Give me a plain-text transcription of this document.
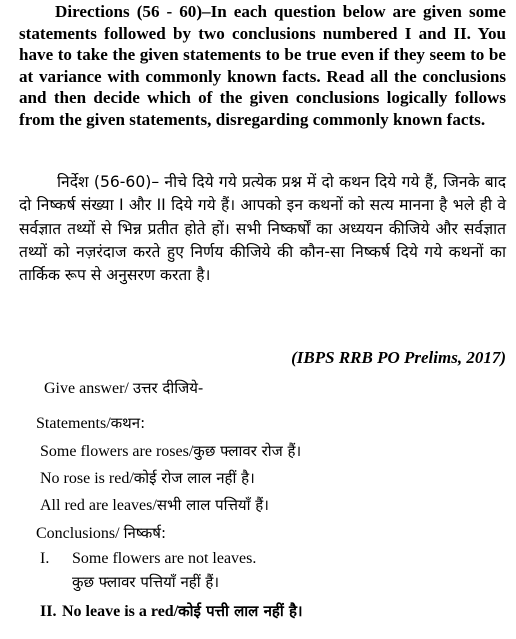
Directions (56 - 60)–In each question below are given some statements followed by two conclusions numbered I and II. You have to take the given statements to be true even if they seem to be at variance with commonly known facts. Read all the conclusions and then decide which of the given conclusions logically follows from the given statements, disregarding commonly known facts.

निर्देश (56-60)– नीचे दिये गये प्रत्येक प्रश्न में दो कथन दिये गये हैं, जिनके बाद दो निष्कर्ष संख्या I और II दिये गये हैं। आपको इन कथनों को सत्य मानना है भले ही वे सर्वज्ञात तथ्यों से भिन्न प्रतीत होते हों। सभी निष्कर्षों का अध्ययन कीजिये और सर्वज्ञात तथ्यों को नज़रंदाज करते हुए निर्णय कीजिये की कौन-सा निष्कर्ष दिये गये कथनों का तार्किक रूप से अनुसरण करता है।

(IBPS RRB PO Prelims, 2017)

Give answer/ उत्तर दीजिये-

Statements/कथन:

Some flowers are roses/कुछ फ्लावर रोज हैं।

No rose is red/कोई रोज लाल नहीं है।

All red are leaves/सभी लाल पत्तियाँ हैं।

Conclusions/ निष्कर्ष:

I. Some flowers are not leaves.

कुछ फ्लावर पत्तियाँ नहीं हैं।

II. No leave is a red/कोई पत्ती लाल नहीं है।
